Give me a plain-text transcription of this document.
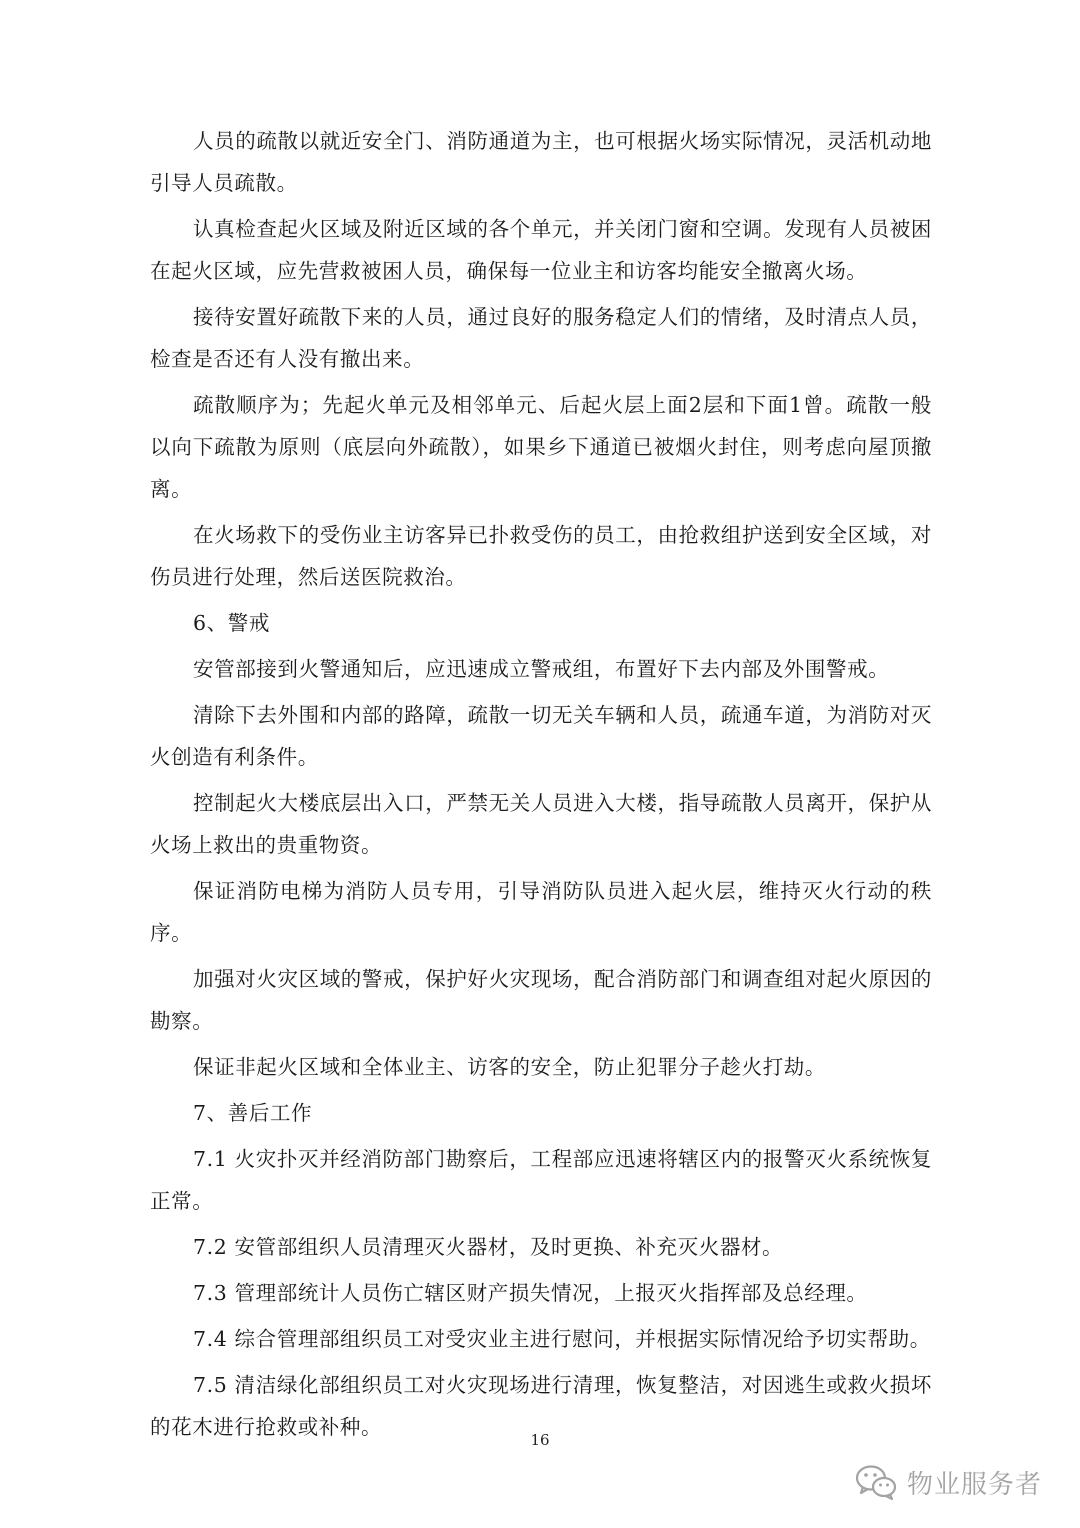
人员的疏散以就近安全门、消防通道为主，也可根据火场实际情况，灵活机动地引导人员疏散。

认真检查起火区域及附近区域的各个单元，并关闭门窗和空调。发现有人员被困在起火区域，应先营救被困人员，确保每一位业主和访客均能安全撤离火场。

接待安置好疏散下来的人员，通过良好的服务稳定人们的情绪，及时清点人员，检查是否还有人没有撤出来。

疏散顺序为；先起火单元及相邻单元、后起火层上面2层和下面1曾。疏散一般以向下疏散为原则（底层向外疏散），如果乡下通道已被烟火封住，则考虑向屋顶撤离。

在火场救下的受伤业主访客异已扑救受伤的员工，由抢救组护送到安全区域，对伤员进行处理，然后送医院救治。

6、警戒

安管部接到火警通知后，应迅速成立警戒组，布置好下去内部及外围警戒。

清除下去外围和内部的路障，疏散一切无关车辆和人员，疏通车道，为消防对灭火创造有利条件。

控制起火大楼底层出入口，严禁无关人员进入大楼，指导疏散人员离开，保护从火场上救出的贵重物资。

保证消防电梯为消防人员专用，引导消防队员进入起火层，维持灭火行动的秩序。

加强对火灾区域的警戒，保护好火灾现场，配合消防部门和调查组对起火原因的勘察。

保证非起火区域和全体业主、访客的安全，防止犯罪分子趁火打劫。

7、善后工作

7.1 火灾扑灭并经消防部门勘察后，工程部应迅速将辖区内的报警灭火系统恢复正常。

7.2 安管部组织人员清理灭火器材，及时更换、补充灭火器材。

7.3 管理部统计人员伤亡辖区财产损失情况，上报灭火指挥部及总经理。

7.4 综合管理部组织员工对受灾业主进行慰问，并根据实际情况给予切实帮助。

7.5 清洁绿化部组织员工对火灾现场进行清理，恢复整洁，对因逃生或救火损坏的花木进行抢救或补种。

16
物业服务者
